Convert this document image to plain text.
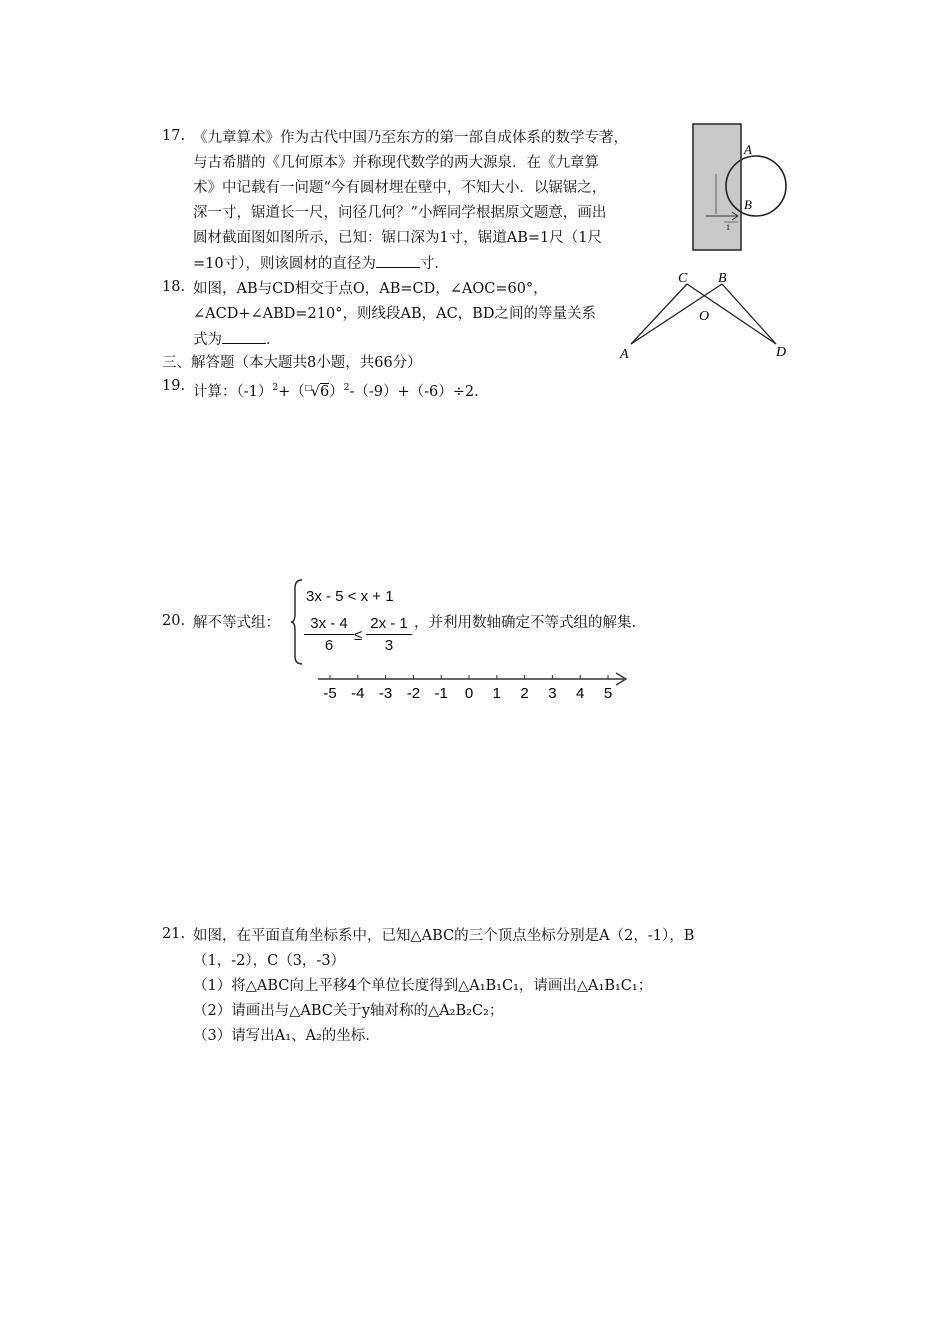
17. 《九章算术》作为古代中国乃至东方的第一部自成体系的数学专著，
与古希腊的《几何原本》并称现代数学的两大源泉．在《九章算
术》中记载有一问题“今有圆材埋在壁中，不知大小．以锯锯之，
深一寸，锯道长一尺，问径几何？”小辉同学根据原文题意，画出
圆材截面图如图所示，已知：锯口深为1寸，锯道AB=1尺（1尺
=10寸），则该圆材的直径为	寸．
A
B
1
18. 如图，AB与CD相交于点O，AB=CD，∠AOC=60°，
∠ACD+∠ABD=210°，则线段AB，AC，BD之间的等量关系
式为	．
C B
O
A	D
三、解答题（本大题共8小题，共66分）
19. 计算：$(-1)^2+$（ □
√6）$^2$-（-9）+（-6）÷2.
20. 解不等式组：
3x - 5 < x + 1
$\frac{3x - 4}{6} \le \frac{2x - 1}{3}$ ，并利用数轴确定不等式组的解集.
-5 -4 -3 -2 -1 0 1 2 3 4 5
21. 如图，在平面直角坐标系中，已知△ABC的三个顶点坐标分别是A（2，-1），B
（1，-2），C（3，-3）
（1）将△ABC向上平移4个单位长度得到△A₁B₁C₁，请画出△A₁B₁C₁；
（2）请画出与△ABC关于y轴对称的△A₂B₂C₂；
（3）请写出A₁、A₂的坐标.
